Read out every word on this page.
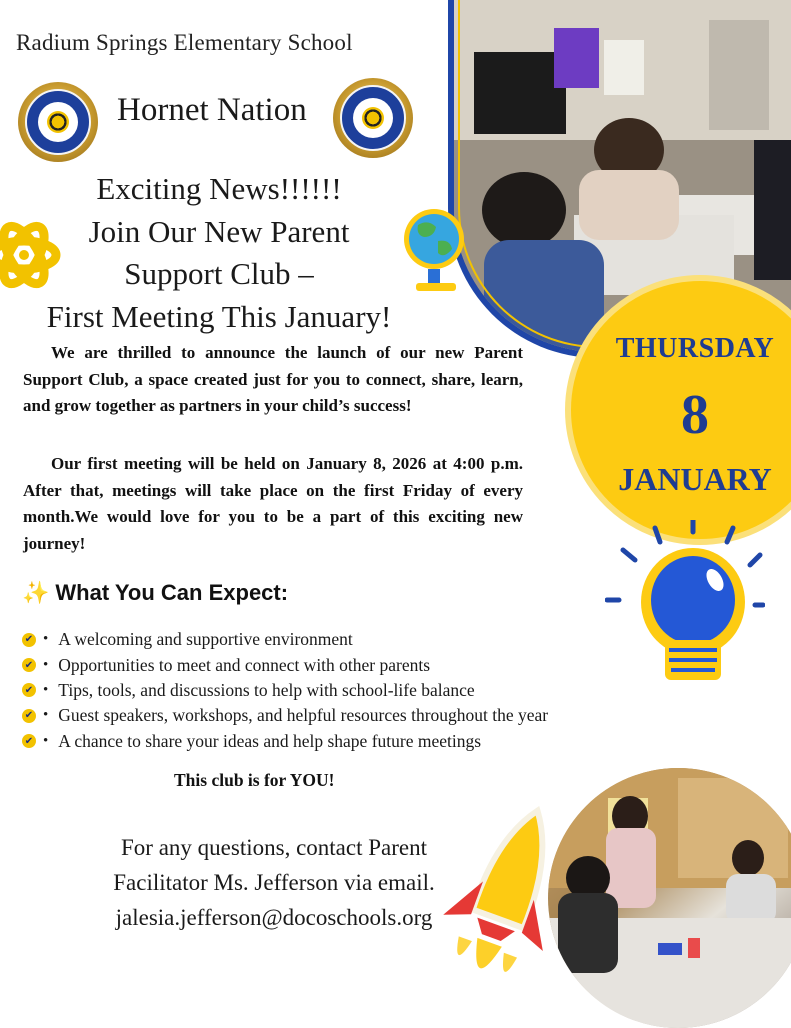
THURSDAY
8
JANUARY
Radium Springs Elementary School
Hornet Nation
Exciting News!!!!!!
Join Our New Parent
Support Club –
First Meeting This January!
We are thrilled to announce the launch of our new Parent Support Club, a space created just for you to connect, share, learn, and grow together as partners in your child’s success!
Our first meeting will be held on January 8, 2026 at 4:00 p.m. After that, meetings will take place on the first Friday of every month.We would love for you to be a part of this exciting new journey!
✨ What You Can Expect:
✔ • A welcoming and supportive environment
✔ • Opportunities to meet and connect with other parents
✔ • Tips, tools, and discussions to help with school-life balance
✔ • Guest speakers, workshops, and helpful resources throughout the year
✔ • A chance to share your ideas and help shape future meetings
This club is for YOU!
For any questions, contact Parent
Facilitator Ms. Jefferson via email.
jalesia.jefferson@docoschools.org
